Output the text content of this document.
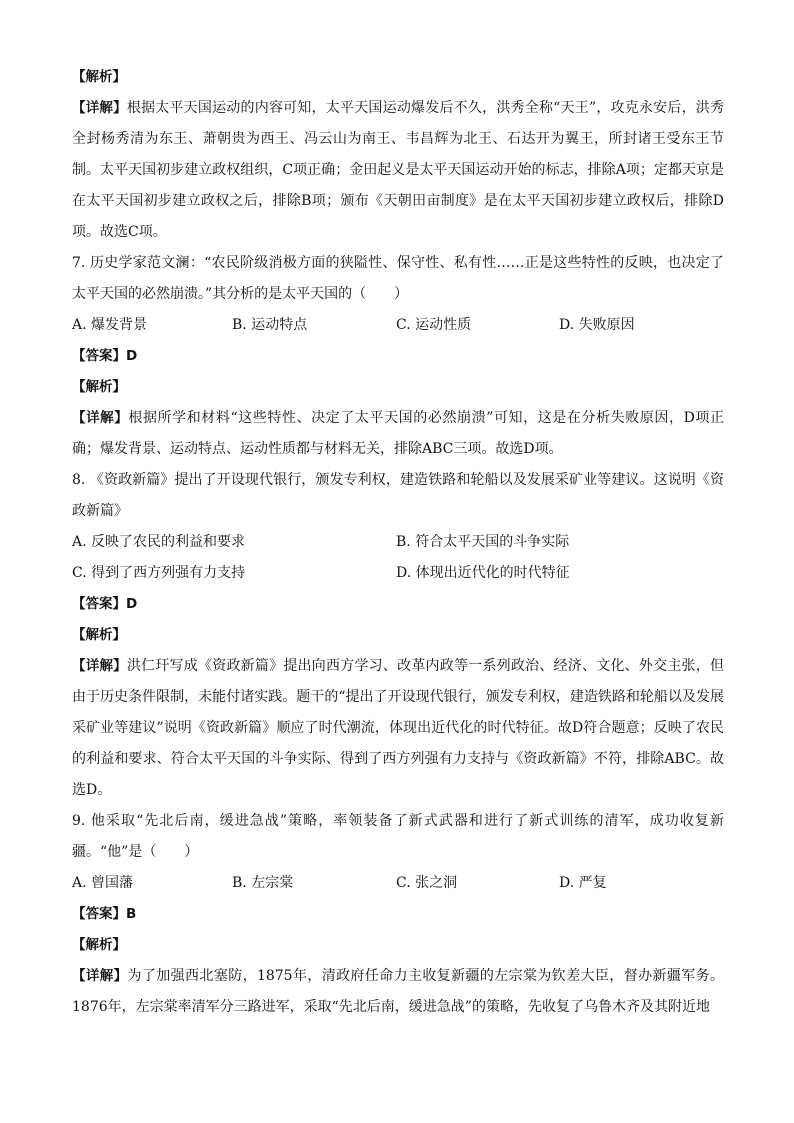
【解析】
【详解】根据太平天国运动的内容可知，太平天国运动爆发后不久，洪秀全称“天王”，攻克永安后，洪秀全封杨秀清为东王、萧朝贵为西王、冯云山为南王、韦昌辉为北王、石达开为翼王，所封诸王受东王节制。太平天国初步建立政权组织，C项正确；金田起义是太平天国运动开始的标志，排除A项；定都天京是在太平天国初步建立政权之后，排除B项；颁布《天朝田亩制度》是在太平天国初步建立政权后，排除D项。故选C项。
7. 历史学家范文澜：“农民阶级消极方面的狭隘性、保守性、私有性……正是这些特性的反映，也决定了太平天国的必然崩溃。”其分析的是太平天国的（　　）
A. 爆发背景	B. 运动特点	C. 运动性质	D. 失败原因
【答案】D
【解析】
【详解】根据所学和材料“这些特性、决定了太平天国的必然崩溃”可知，这是在分析失败原因，D项正确；爆发背景、运动特点、运动性质都与材料无关，排除ABC三项。故选D项。
8. 《资政新篇》提出了开设现代银行，颁发专利权，建造铁路和轮船以及发展采矿业等建议。这说明《资政新篇》
A. 反映了农民的利益和要求	B. 符合太平天国的斗争实际
C. 得到了西方列强有力支持	D. 体现出近代化的时代特征
【答案】D
【解析】
【详解】洪仁玕写成《资政新篇》提出向西方学习、改革内政等一系列政治、经济、文化、外交主张，但由于历史条件限制，未能付诸实践。题干的“提出了开设现代银行，颁发专利权，建造铁路和轮船以及发展采矿业等建议”说明《资政新篇》顺应了时代潮流，体现出近代化的时代特征。故D符合题意；反映了农民的利益和要求、符合太平天国的斗争实际、得到了西方列强有力支持与《资政新篇》不符，排除ABC。故选D。
9. 他采取“先北后南，缓进急战”策略，率领装备了新式武器和进行了新式训练的清军，成功收复新疆。“他”是（　　）
A. 曾国藩	B. 左宗棠	C. 张之洞	D. 严复
【答案】B
【解析】
【详解】为了加强西北塞防，1875年，清政府任命力主收复新疆的左宗棠为钦差大臣，督办新疆军务。1876年，左宗棠率清军分三路进军，采取“先北后南，缓进急战”的策略，先收复了乌鲁木齐及其附近地
